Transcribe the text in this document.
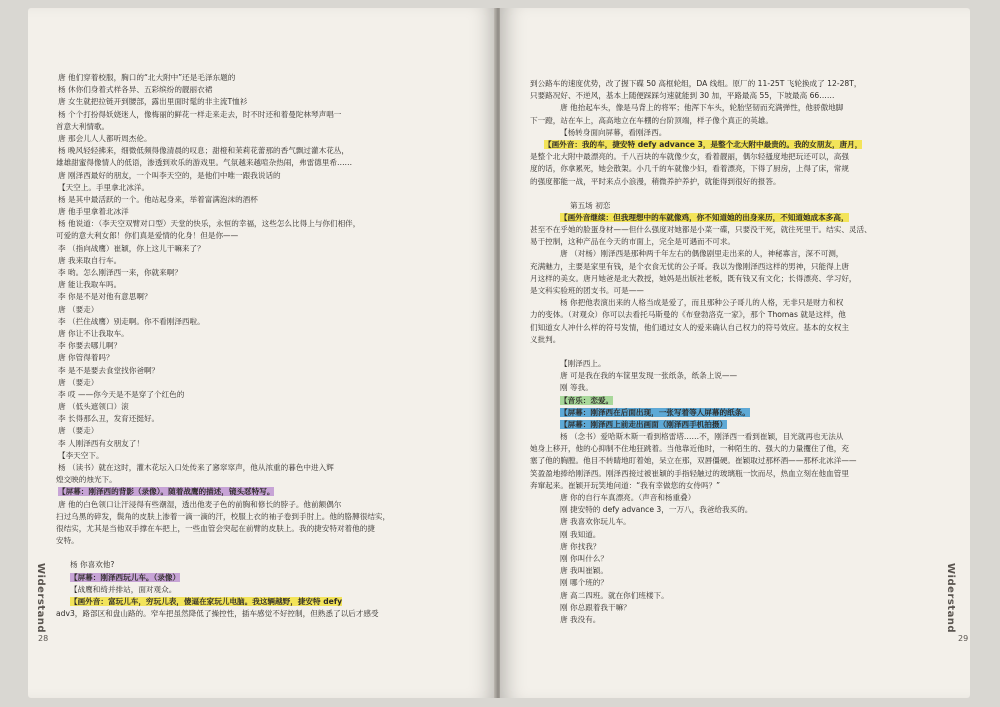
唐 他们穿着校服，胸口的“北大附中”还是毛泽东题的
杨 休你们身着式样各异、五彩缤纷的靓丽衣裙
唐 女生就把拉链开到腰部，露出里面时髦的非主流T恤衫
杨 个个打扮得妖娆迷人，像梅丽的鲜花一样走来走去，时不时还和着曼陀林琴声唱一
首意大利情歌。
唐 那会儿人人都听周杰伦。
杨 晚风轻轻拂来，细微低频得像清晨的叹息；甜橙和茉莉花蕾那的香气飘过灌木花丛，
雄雄甜蜜得像情人的低语，渗透到欢乐的游戏里。气氛越来越喧杂热闹，弗雷德里希……
唐 刚泽西最好的朋友，一个叫李天空的，是他们中唯一跟我说话的
【天空上。手里拿北冰洋。
杨 是其中最活跃的一个。他站起身来，举着富满泡沫的酒杯
唐 他手里拿着北冰洋
杨 他说道：（李天空双臂对口型）天堂的快乐，永恒的幸福，这些怎么比得上与你们相伴，
可爱的意大利女郎！你们真是爱情的化身！但是你——
李 （指向战鹰）崔颖，你上这儿干嘛来了？
唐 我来取自行车。
李 哟。怎么刚泽西一来，你就来啊？
唐 能让我取车吗。
李 你是不是对他有意思啊？
唐 （要走）
李 （拦住战鹰）别走啊。你不看刚泽西啦。
唐 你让不让我取车。
李 你要去哪儿啊？
唐 你管得着吗？
李 是不是要去食堂找你爸啊？
唐 （要走）
李 哎 ——你今天是不是穿了个红色的
唐 （低头遮领口）滚
李 长得那么丑，发育还挺好。
唐 （要走）
李 人刚泽西有女朋友了！
【李天空下。
杨 （读书）就在这时，灌木花坛入口处传来了窸窣窣声，他从浓重的暮色中进入辉
煌交映的烛光下。
【屏幕：刚泽西的背影（录像）。随着战鹰的描述，镜头怼特写。
唐 他的白色领口让汗浸得有些潮湿，透出他麦子色的前胸和修长的脖子。他前额偶尔
扫过乌黑的碎发，鬓角的皮肤上渗着一滴一滴的汗，校服上衣的袖子卷到手肘上。他的胳膊很结实，
很结实，尤其是当他双手撑在车把上，一些血管会突起在前臂的皮肤上。我的捷安特对着他的捷
安特。
杨 你喜欢他?
【屏幕：刚泽西玩儿车。（录像）
【战鹰和绮并排站，面对观众。
【画外音：富玩儿车，穷玩儿表，傻逼在家玩儿电脑。我这辆越野，捷安特 defy
adv3，路部区和盘山路的。窄车把虽然降低了操控性，插车感觉不好控制，但熟悉了以后才感受
Widerstand
28
到公路车的速度优势，改了握下碟 50 高框轮组，DA 线组。原厂的 11-25T 飞轮换成了 12-28T，
只要路况好、不逆风，基本上随便踩踩匀速就能到 30 加，平路最高 55，下坡最高 66……
唐 他抬起车头，像是马背上的将军；他浑下车头，轮胎坚韧而充满弹性，他骄傲地脚
下一蹬，站在车上，高高地立在车棚的台阶顶端，样子像个真正的英雄。
【杨转身面向屏幕，看刚泽西。
【画外音：我的车，捷安特 defy advance 3，是整个北大附中最贵的。我的女朋友，唐月，
是整个北大附中最漂亮的。千八百块的车就像少女，看着靓丽，偶尔轻搔度地把玩还可以，高强
度的话，你拿累死，她会散架。小几千的车就像少妇，看着漂亮，下得了厨房，上得了床，常规
的强度都能一战，平时来点小浪漫，稍微养护养护，就能得到很好的报答。
第五场 初恋
【画外音继续：但我理想中的车就像鸡，你不知道她的出身来历，不知道她成本多高，
甚至不在乎她的脸蛋身材——但什么强度对她都是小菜一碟，只要没干死，就往死里干。结实、灵活、
易于控制，这种产品在今天的市面上，完全是可遇而不可求。
唐 （对杨）刚泽西是那种两千年左右的偶像剧里走出来的人，神秘寡言，深不可测，
充满魅力，主要是家里有钱，是个衣食无忧的公子哥。我以为像刚泽西这样的男神，只能得上唐
月这样的美女。唐月她爸是北大教授，她妈是出版社老板，既有钱又有文化；长得漂亮、学习好，
是文科实验班的团支书。可是——
杨 你把他表演出来的人格当成是爱了，而且那种公子哥儿的人格，无非只是财力和权
力的变体。（对观众）你可以去看托马斯曼的《布登勃洛克一家》，那个 Thomas 就是这样，他
们知道女人冲什么样的符号发情，他们通过女人的爱来确认自己权力的符号效应。基本的女权主
义批判。
【刚泽西上。
唐 可是我在我的车筐里发现一张纸条，纸条上说——
刚 等我。
【音乐：恋爱。
【屏幕：刚泽西在后面出现，一张写着等人屏幕的纸条。
【屏幕：刚泽西上前走出画面（刚泽西手机拍摄）
杨 （念书）爱哈斯木斯一看到格雷塔……不，刚泽西一看到崔颖，目光就再也无法从
她身上移开，他的心抑制不住地狂跳着。当他靠近他时，一种陌生的、强大的力量攫住了他，充
塞了他的胸膛。他目不转睛地盯着她，呆立在那，双唇僵硬。崔颖取过那杯酒——那杯北冰洋——
笑盈盈地捧给刚泽西。刚泽西接过被崔颖的手指轻触过的玻璃瓶一饮而尽，热血立刻在他血管里
奔窜起来。崔颖开玩笑地问道：“我有幸做您的女侍吗？”
唐 你的自行车真漂亮。（声音和杨重叠）
刚 捷安特的 defy advance 3，一万八，我爸给我买的。
唐 我喜欢你玩儿车。
刚 我知道。
唐 你找我？
刚 你叫什么？
唐 我叫崔颖。
刚 哪个班的？
唐 高二四班。就在你们班楼下。
刚 你总跟着我干嘛？
唐 我没有。	Widerstand
29
